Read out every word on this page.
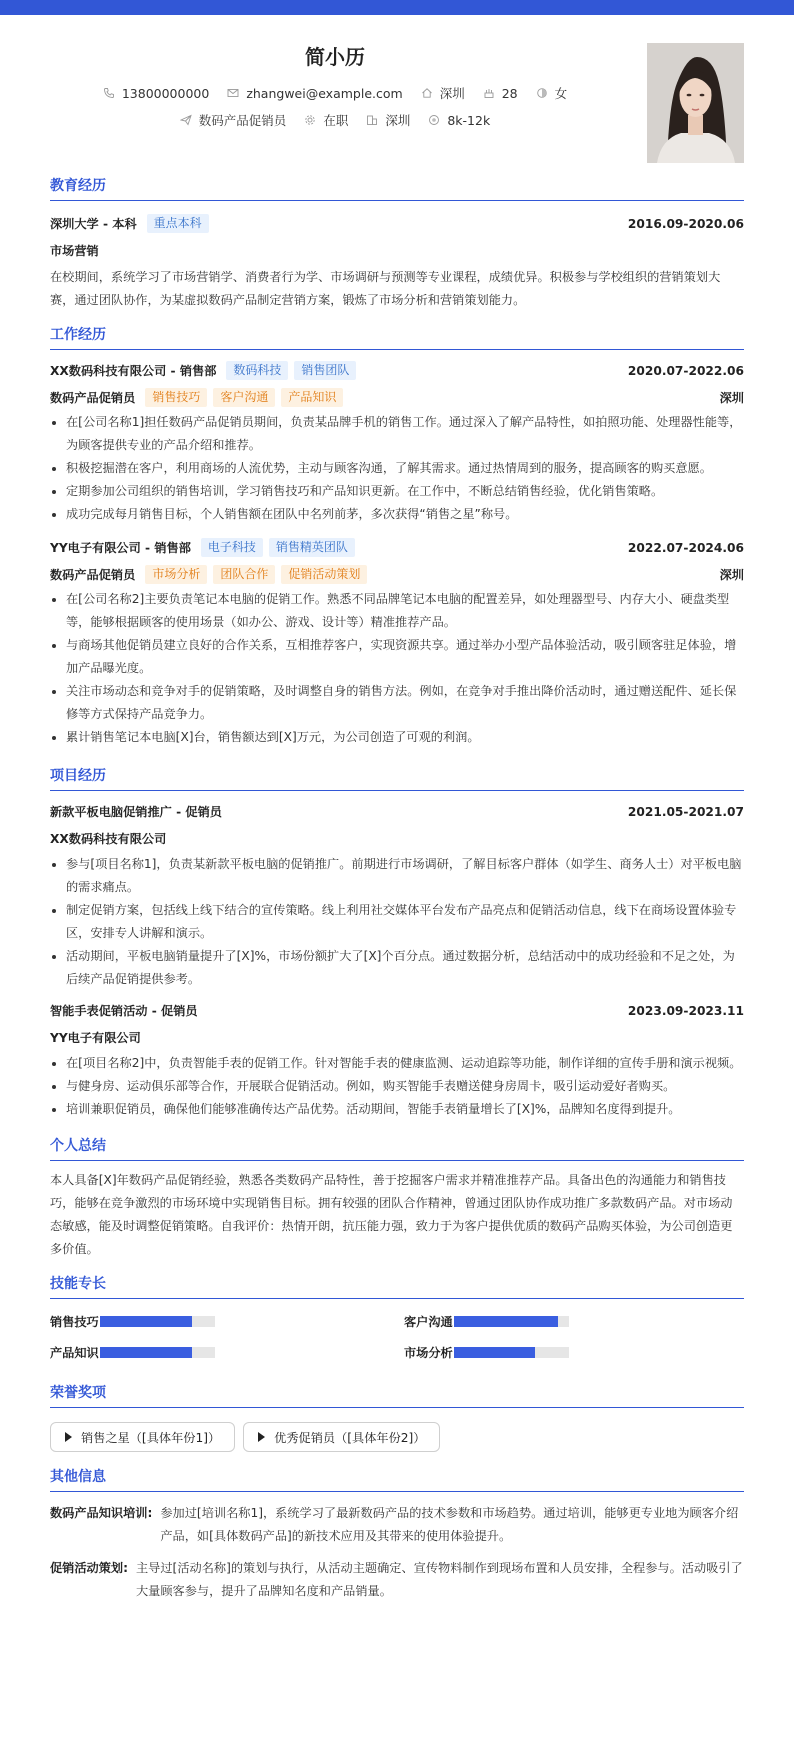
简小历
13800000000	zhangwei@example.com	深圳	28	女
数码产品促销员	在职	深圳	8k-12k
教育经历
深圳大学 - 本科	重点本科	2016.09-2020.06
市场营销
在校期间，系统学习了市场营销学、消费者行为学、市场调研与预测等专业课程，成绩优异。积极参与学校组织的营销策划大赛，通过团队协作，为某虚拟数码产品制定营销方案，锻炼了市场分析和营销策划能力。
工作经历
XX数码科技有限公司 - 销售部	数码科技	销售团队	2020.07-2022.06
数码产品促销员	销售技巧	客户沟通	产品知识	深圳
在[公司名称1]担任数码产品促销员期间，负责某品牌手机的销售工作。通过深入了解产品特性，如拍照功能、处理器性能等，为顾客提供专业的产品介绍和推荐。
积极挖掘潜在客户，利用商场的人流优势，主动与顾客沟通，了解其需求。通过热情周到的服务，提高顾客的购买意愿。
定期参加公司组织的销售培训，学习销售技巧和产品知识更新。在工作中，不断总结销售经验，优化销售策略。
成功完成每月销售目标，个人销售额在团队中名列前茅，多次获得“销售之星”称号。
YY电子有限公司 - 销售部	电子科技	销售精英团队	2022.07-2024.06
数码产品促销员	市场分析	团队合作	促销活动策划	深圳
在[公司名称2]主要负责笔记本电脑的促销工作。熟悉不同品牌笔记本电脑的配置差异，如处理器型号、内存大小、硬盘类型等，能够根据顾客的使用场景（如办公、游戏、设计等）精准推荐产品。
与商场其他促销员建立良好的合作关系，互相推荐客户，实现资源共享。通过举办小型产品体验活动，吸引顾客驻足体验，增加产品曝光度。
关注市场动态和竞争对手的促销策略，及时调整自身的销售方法。例如，在竞争对手推出降价活动时，通过赠送配件、延长保修等方式保持产品竞争力。
累计销售笔记本电脑[X]台，销售额达到[X]万元，为公司创造了可观的利润。
项目经历
新款平板电脑促销推广 - 促销员	2021.05-2021.07
XX数码科技有限公司
参与[项目名称1]，负责某新款平板电脑的促销推广。前期进行市场调研，了解目标客户群体（如学生、商务人士）对平板电脑的需求痛点。
制定促销方案，包括线上线下结合的宣传策略。线上利用社交媒体平台发布产品亮点和促销活动信息，线下在商场设置体验专区，安排专人讲解和演示。
活动期间，平板电脑销量提升了[X]%，市场份额扩大了[X]个百分点。通过数据分析，总结活动中的成功经验和不足之处，为后续产品促销提供参考。
智能手表促销活动 - 促销员	2023.09-2023.11
YY电子有限公司
在[项目名称2]中，负责智能手表的促销工作。针对智能手表的健康监测、运动追踪等功能，制作详细的宣传手册和演示视频。
与健身房、运动俱乐部等合作，开展联合促销活动。例如，购买智能手表赠送健身房周卡，吸引运动爱好者购买。
培训兼职促销员，确保他们能够准确传达产品优势。活动期间，智能手表销量增长了[X]%，品牌知名度得到提升。
个人总结
本人具备[X]年数码产品促销经验，熟悉各类数码产品特性，善于挖掘客户需求并精准推荐产品。具备出色的沟通能力和销售技巧，能够在竞争激烈的市场环境中实现销售目标。拥有较强的团队合作精神，曾通过团队协作成功推广多款数码产品。对市场动态敏感，能及时调整促销策略。自我评价：热情开朗，抗压能力强，致力于为客户提供优质的数码产品购买体验，为公司创造更多价值。
技能专长
销售技巧	客户沟通
产品知识	市场分析
荣誉奖项
销售之星（[具体年份1]）	优秀促销员（[具体年份2]）
其他信息
数码产品知识培训: 参加过[培训名称1]，系统学习了最新数码产品的技术参数和市场趋势。通过培训，能够更专业地为顾客介绍产品，如[具体数码产品]的新技术应用及其带来的使用体验提升。
促销活动策划: 主导过[活动名称]的策划与执行，从活动主题确定、宣传物料制作到现场布置和人员安排，全程参与。活动吸引了大量顾客参与，提升了品牌知名度和产品销量。
